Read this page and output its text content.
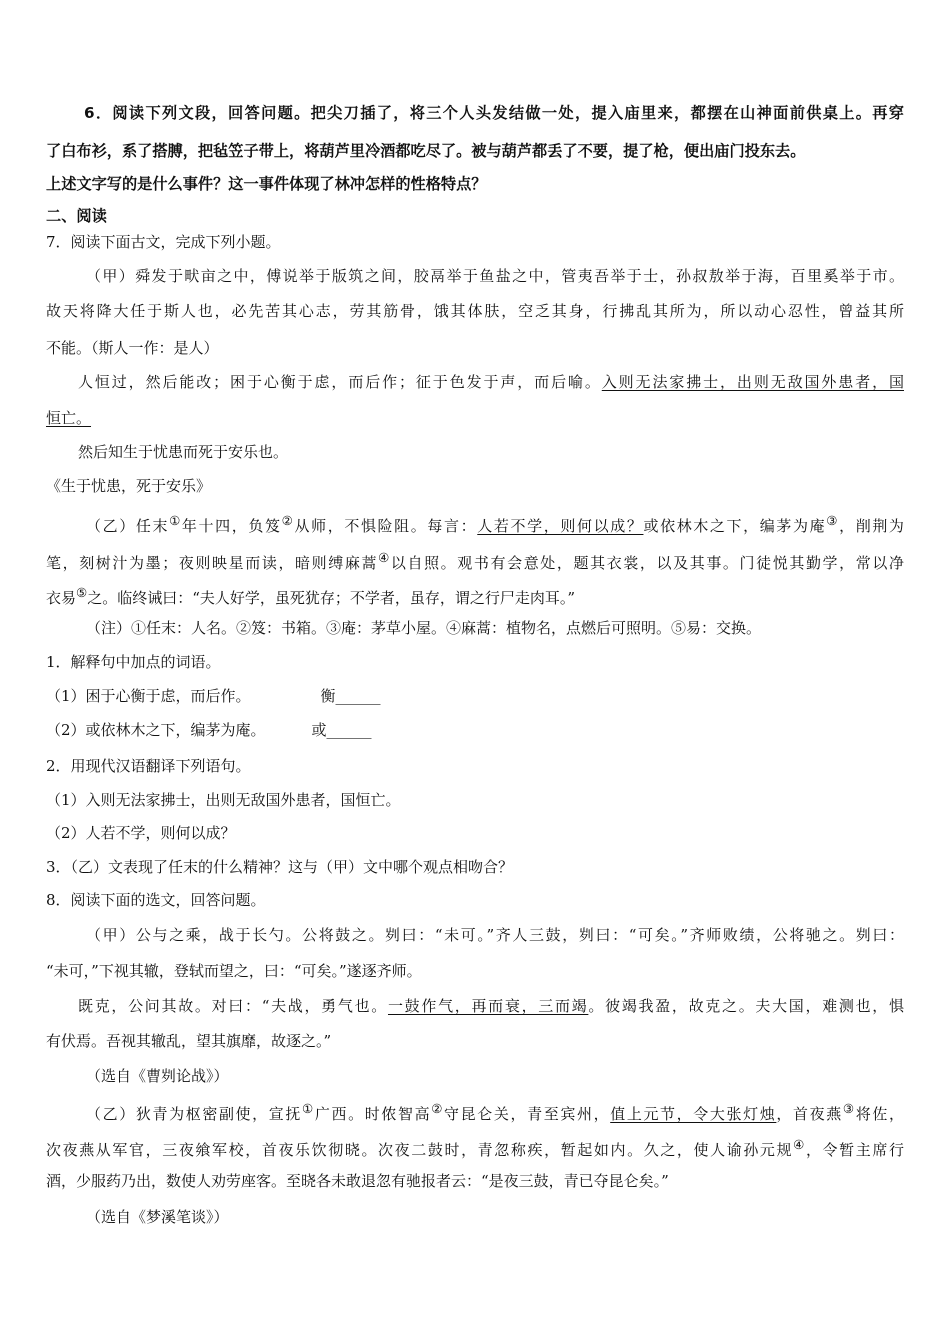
6．阅读下列文段，回答问题。把尖刀插了，将三个人头发结做一处，提入庙里来，都摆在山神面前供桌上。再穿
了白布衫，系了搭膊，把毡笠子带上，将葫芦里冷酒都吃尽了。被与葫芦都丢了不要，提了枪，便出庙门投东去。
上述文字写的是什么事件？这一事件体现了林冲怎样的性格特点？
二、阅读
7．阅读下面古文，完成下列小题。
（甲）舜发于畎亩之中，傅说举于版筑之间，胶鬲举于鱼盐之中，管夷吾举于士，孙叔敖举于海，百里奚举于市。
故天将降大任于斯人也，必先苦其心志，劳其筋骨，饿其体肤，空乏其身，行拂乱其所为，所以动心忍性，曾益其所
不能。（斯人一作：是人）
人恒过，然后能改；困于心衡于虑，而后作；征于色发于声，而后喻。入则无法家拂士，出则无敌国外患者，国
恒亡。
然后知生于忧患而死于安乐也。
《生于忧患，死于安乐》
（乙）任末①年十四，负笈②从师，不惧险阻。每言：人若不学，则何以成？或依林木之下，编茅为庵③，削荆为
笔，刻树汁为墨；夜则映星而读，暗则缚麻蒿④以自照。观书有会意处，题其衣裳，以及其事。门徒悦其勤学，常以净
衣易⑤之。临终诫曰：“夫人好学，虽死犹存；不学者，虽存，谓之行尸走肉耳。”
（注）①任末：人名。②笈：书箱。③庵：茅草小屋。④麻蒿：植物名，点燃后可照明。⑤易：交换。
1．解释句中加点的词语。
（1）困于心衡于虑，而后作。	衡______
（2）或依林木之下，编茅为庵。	或______
2．用现代汉语翻译下列语句。
（1）入则无法家拂士，出则无敌国外患者，国恒亡。
（2）人若不学，则何以成？
3．（乙）文表现了任末的什么精神？这与（甲）文中哪个观点相吻合？
8．阅读下面的选文，回答问题。
（甲）公与之乘，战于长勺。公将鼓之。刿曰：“未可。”齐人三鼓，刿曰：“可矣。”齐师败绩，公将驰之。刿曰：
“未可，”下视其辙，登轼而望之，曰：“可矣。”遂逐齐师。
既克，公问其故。对曰：“夫战，勇气也。一鼓作气，再而衰，三而竭。彼竭我盈，故克之。夫大国，难测也，惧
有伏焉。吾视其辙乱，望其旗靡，故逐之。”
（选自《曹刿论战》）
（乙）狄青为枢密副使，宣抚①广西。时侬智高②守昆仑关，青至宾州，值上元节，令大张灯烛，首夜燕③将佐，
次夜燕从军官，三夜飨军校，首夜乐饮彻晓。次夜二鼓时，青忽称疾，暂起如内。久之，使人谕孙元规④，令暂主席行
酒，少服药乃出，数使人劝劳座客。至晓各未敢退忽有驰报者云：“是夜三鼓，青已夺昆仑矣。”
（选自《梦溪笔谈》）
